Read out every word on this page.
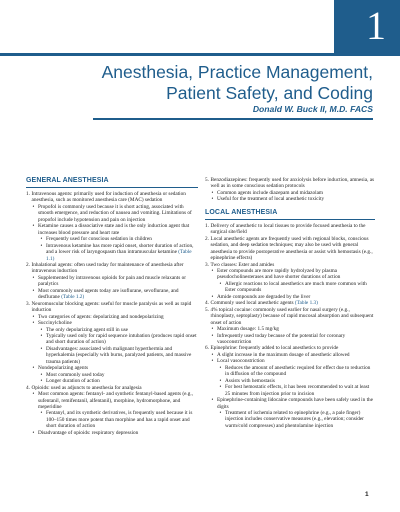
1
Anesthesia, Practice Management,
Patient Safety, and Coding
Donald W. Buck II, M.D. FACS
GENERAL ANESTHESIA
1. Intravenous agents: primarily used for induction of anesthesia or sedation anesthesia, such as monitored anesthesia care (MAC) sedation
• Propofol is commonly used because it is short acting, associated with smooth emergence, and reduction of nausea and vomiting. Limitations of propofol include hypotension and pain on injection
• Ketamine causes a dissociative state and is the only induction agent that increases blood pressure and heart rate
• Frequently used for conscious sedation in children
• Intravenous ketamine has more rapid onset, shorter duration of action, and a lower risk of laryngospasm than intramuscular ketamine (Table 1.1)
2. Inhalational agents: often used today for maintenance of anesthesia after intravenous induction
• Supplemented by intravenous opioids for pain and muscle relaxants or paralytics
• Most commonly used agents today are isoflurane, sevoflurane, and desflurane (Table 1.2)
3. Neuromuscular blocking agents: useful for muscle paralysis as well as rapid induction
• Two categories of agents: depolarizing and nondepolarizing
• Succinylcholine
• The only depolarizing agent still in use
• Typically used only for rapid sequence intubation (produces rapid onset and short duration of action)
• Disadvantages: associated with malignant hyperthermia and hyperkalemia (especially with burns, paralyzed patients, and massive trauma patients)
• Nondepolarizing agents
• Most commonly used today
• Longer duration of action
4. Opioids: used as adjuncts to anesthesia for analgesia
• Most common agents: fentanyl- and synthetic fentanyl-based agents (e.g., sufentanil, remifentanil, alfentanil), morphine, hydromorphone, and meperidine
• Fentanyl, and its synthetic derivatives, is frequently used because it is 100–150 times more potent than morphine and has a rapid onset and short duration of action
• Disadvantage of opioids: respiratory depression
5. Benzodiazepines: frequently used for anxiolysis before induction, amnesia, as well as in some conscious sedation protocols
• Common agents include diazepam and midazolam
• Useful for the treatment of local anesthetic toxicity
LOCAL ANESTHESIA
1. Delivery of anesthetic to local tissues to provide focused anesthesia to the surgical site/field
2. Local anesthetic agents are frequently used with regional blocks, conscious sedation, and deep sedation techniques; may also be used with general anesthesia to provide postoperative anesthesia or assist with hemostasis (e.g., epinephrine effects)
3. Two classes: Ester and amides
• Ester compounds are more rapidly hydrolyzed by plasma pseudocholinesterases and have shorter durations of action
• Allergic reactions to local anesthetics are much more common with Ester compounds
• Amide compounds are degraded by the liver
4. Commonly used local anesthetic agents (Table 1.3)
5. 4% topical cocaine: commonly used earlier for nasal surgery (e.g., rhinoplasty, septoplasty) because of rapid mucosal absorption and subsequent onset of action
• Maximum dosage: 1.5 mg/kg
• Infrequently used today because of the potential for coronary vasoconstriction
6. Epinephrine: frequently added to local anesthetics to provide
• A slight increase in the maximum dosage of anesthetic allowed
• Local vasoconstriction
• Reduces the amount of anesthetic required for effect due to reduction in diffusion of the compound
• Assists with hemostasis
• For best hemostatic effects, it has been recommended to wait at least 25 minutes from injection prior to incision
• Epinephrine-containing lidocaine compounds have been safely used in the digits
• Treatment of ischemia related to epinephrine (e.g., a pale finger) injection includes conservative measures (e.g., elevation; consider warm/cold compresses) and phentolamine injection
1
